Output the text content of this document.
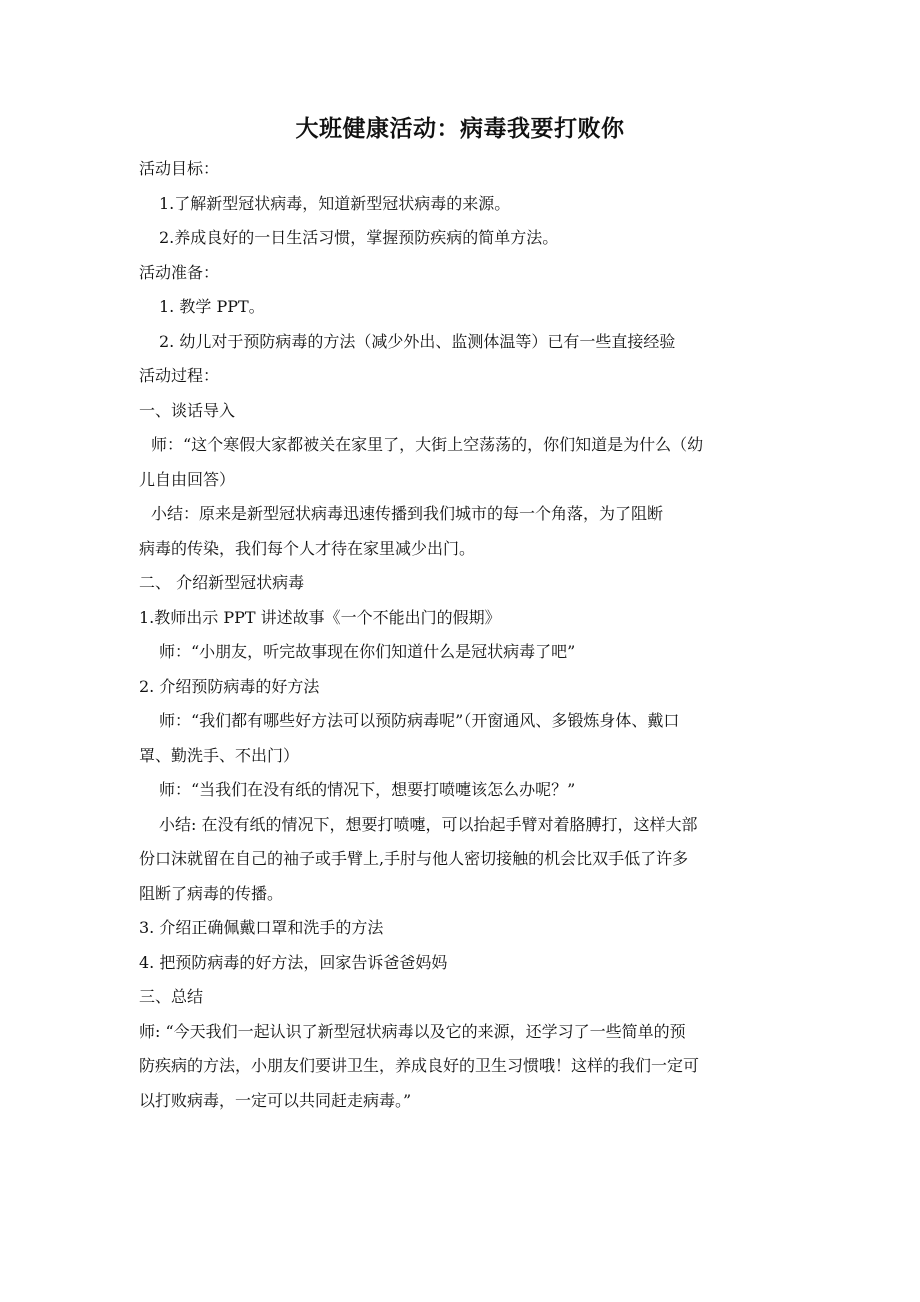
大班健康活动：病毒我要打败你

活动目标：

1.了解新型冠状病毒，知道新型冠状病毒的来源。

2.养成良好的一日生活习惯，掌握预防疾病的简单方法。

活动准备：

1. 教学 PPT。

2. 幼儿对于预防病毒的方法（减少外出、监测体温等）已有一些直接经验

活动过程：

一、谈话导入

师：“这个寒假大家都被关在家里了，大街上空荡荡的，你们知道是为什么（幼

儿自由回答）

小结：原来是新型冠状病毒迅速传播到我们城市的每一个角落，为了阻断

病毒的传染，我们每个人才待在家里减少出门。

二、 介绍新型冠状病毒

1.教师出示 PPT 讲述故事《一个不能出门的假期》

师：“小朋友，听完故事现在你们知道什么是冠状病毒了吧”

2. 介绍预防病毒的好方法

师：“我们都有哪些好方法可以预防病毒呢”（开窗通风、多锻炼身体、戴口

罩、勤洗手、不出门）

师：“当我们在没有纸的情况下，想要打喷嚏该怎么办呢？”

小结: 在没有纸的情况下，想要打喷嚏，可以抬起手臂对着胳膊打，这样大部

份口沫就留在自己的袖子或手臂上,手肘与他人密切接触的机会比双手低了许多

阻断了病毒的传播。

3. 介绍正确佩戴口罩和洗手的方法

4. 把预防病毒的好方法，回家告诉爸爸妈妈

三、总结

师: “今天我们一起认识了新型冠状病毒以及它的来源，还学习了一些简单的预

防疾病的方法，小朋友们要讲卫生，养成良好的卫生习惯哦！这样的我们一定可

以打败病毒，一定可以共同赶走病毒。”
